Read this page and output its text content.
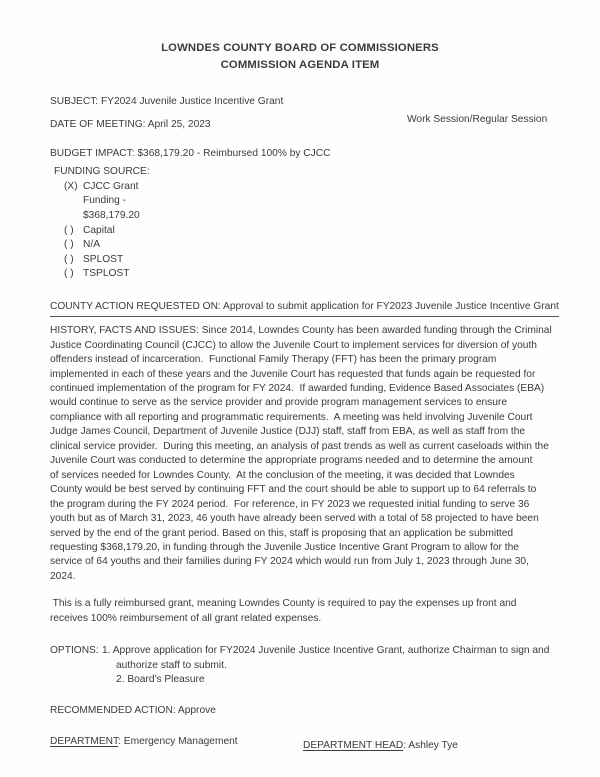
LOWNDES COUNTY BOARD OF COMMISSIONERS
COMMISSION AGENDA ITEM
SUBJECT: FY2024 Juvenile Justice Incentive Grant
DATE OF MEETING: April 25, 2023	Work Session/Regular Session
BUDGET IMPACT: $368,179.20 - Reimbursed 100% by CJCC
FUNDING SOURCE:
(X) CJCC Grant
Funding -
$368,179.20
( ) Capital
( ) N/A
( ) SPLOST
( ) TSPLOST
COUNTY ACTION REQUESTED ON: Approval to submit application for FY2023 Juvenile Justice Incentive Grant
HISTORY, FACTS AND ISSUES: Since 2014, Lowndes County has been awarded funding through the Criminal
Justice Coordinating Council (CJCC) to allow the Juvenile Court to implement services for diversion of youth
offenders instead of incarceration.  Functional Family Therapy (FFT) has been the primary program
implemented in each of these years and the Juvenile Court has requested that funds again be requested for
continued implementation of the program for FY 2024.  If awarded funding, Evidence Based Associates (EBA)
would continue to serve as the service provider and provide program management services to ensure
compliance with all reporting and programmatic requirements.  A meeting was held involving Juvenile Court
Judge James Council, Department of Juvenile Justice (DJJ) staff, staff from EBA, as well as staff from the
clinical service provider.  During this meeting, an analysis of past trends as well as current caseloads within the
Juvenile Court was conducted to determine the appropriate programs needed and to determine the amount
of services needed for Lowndes County.  At the conclusion of the meeting, it was decided that Lowndes
County would be best served by continuing FFT and the court should be able to support up to 64 referrals to
the program during the FY 2024 period.  For reference, in FY 2023 we requested initial funding to serve 36
youth but as of March 31, 2023, 46 youth have already been served with a total of 58 projected to have been
served by the end of the grant period. Based on this, staff is proposing that an application be submitted
requesting $368,179.20, in funding through the Juvenile Justice Incentive Grant Program to allow for the
service of 64 youths and their families during FY 2024 which would run from July 1, 2023 through June 30,
2024.
This is a fully reimbursed grant, meaning Lowndes County is required to pay the expenses up front and
receives 100% reimbursement of all grant related expenses.
OPTIONS: 1. Approve application for FY2024 Juvenile Justice Incentive Grant, authorize Chairman to sign and
authorize staff to submit.
2. Board's Pleasure
RECOMMENDED ACTION: Approve
DEPARTMENT: Emergency Management	DEPARTMENT HEAD: Ashley Tye
